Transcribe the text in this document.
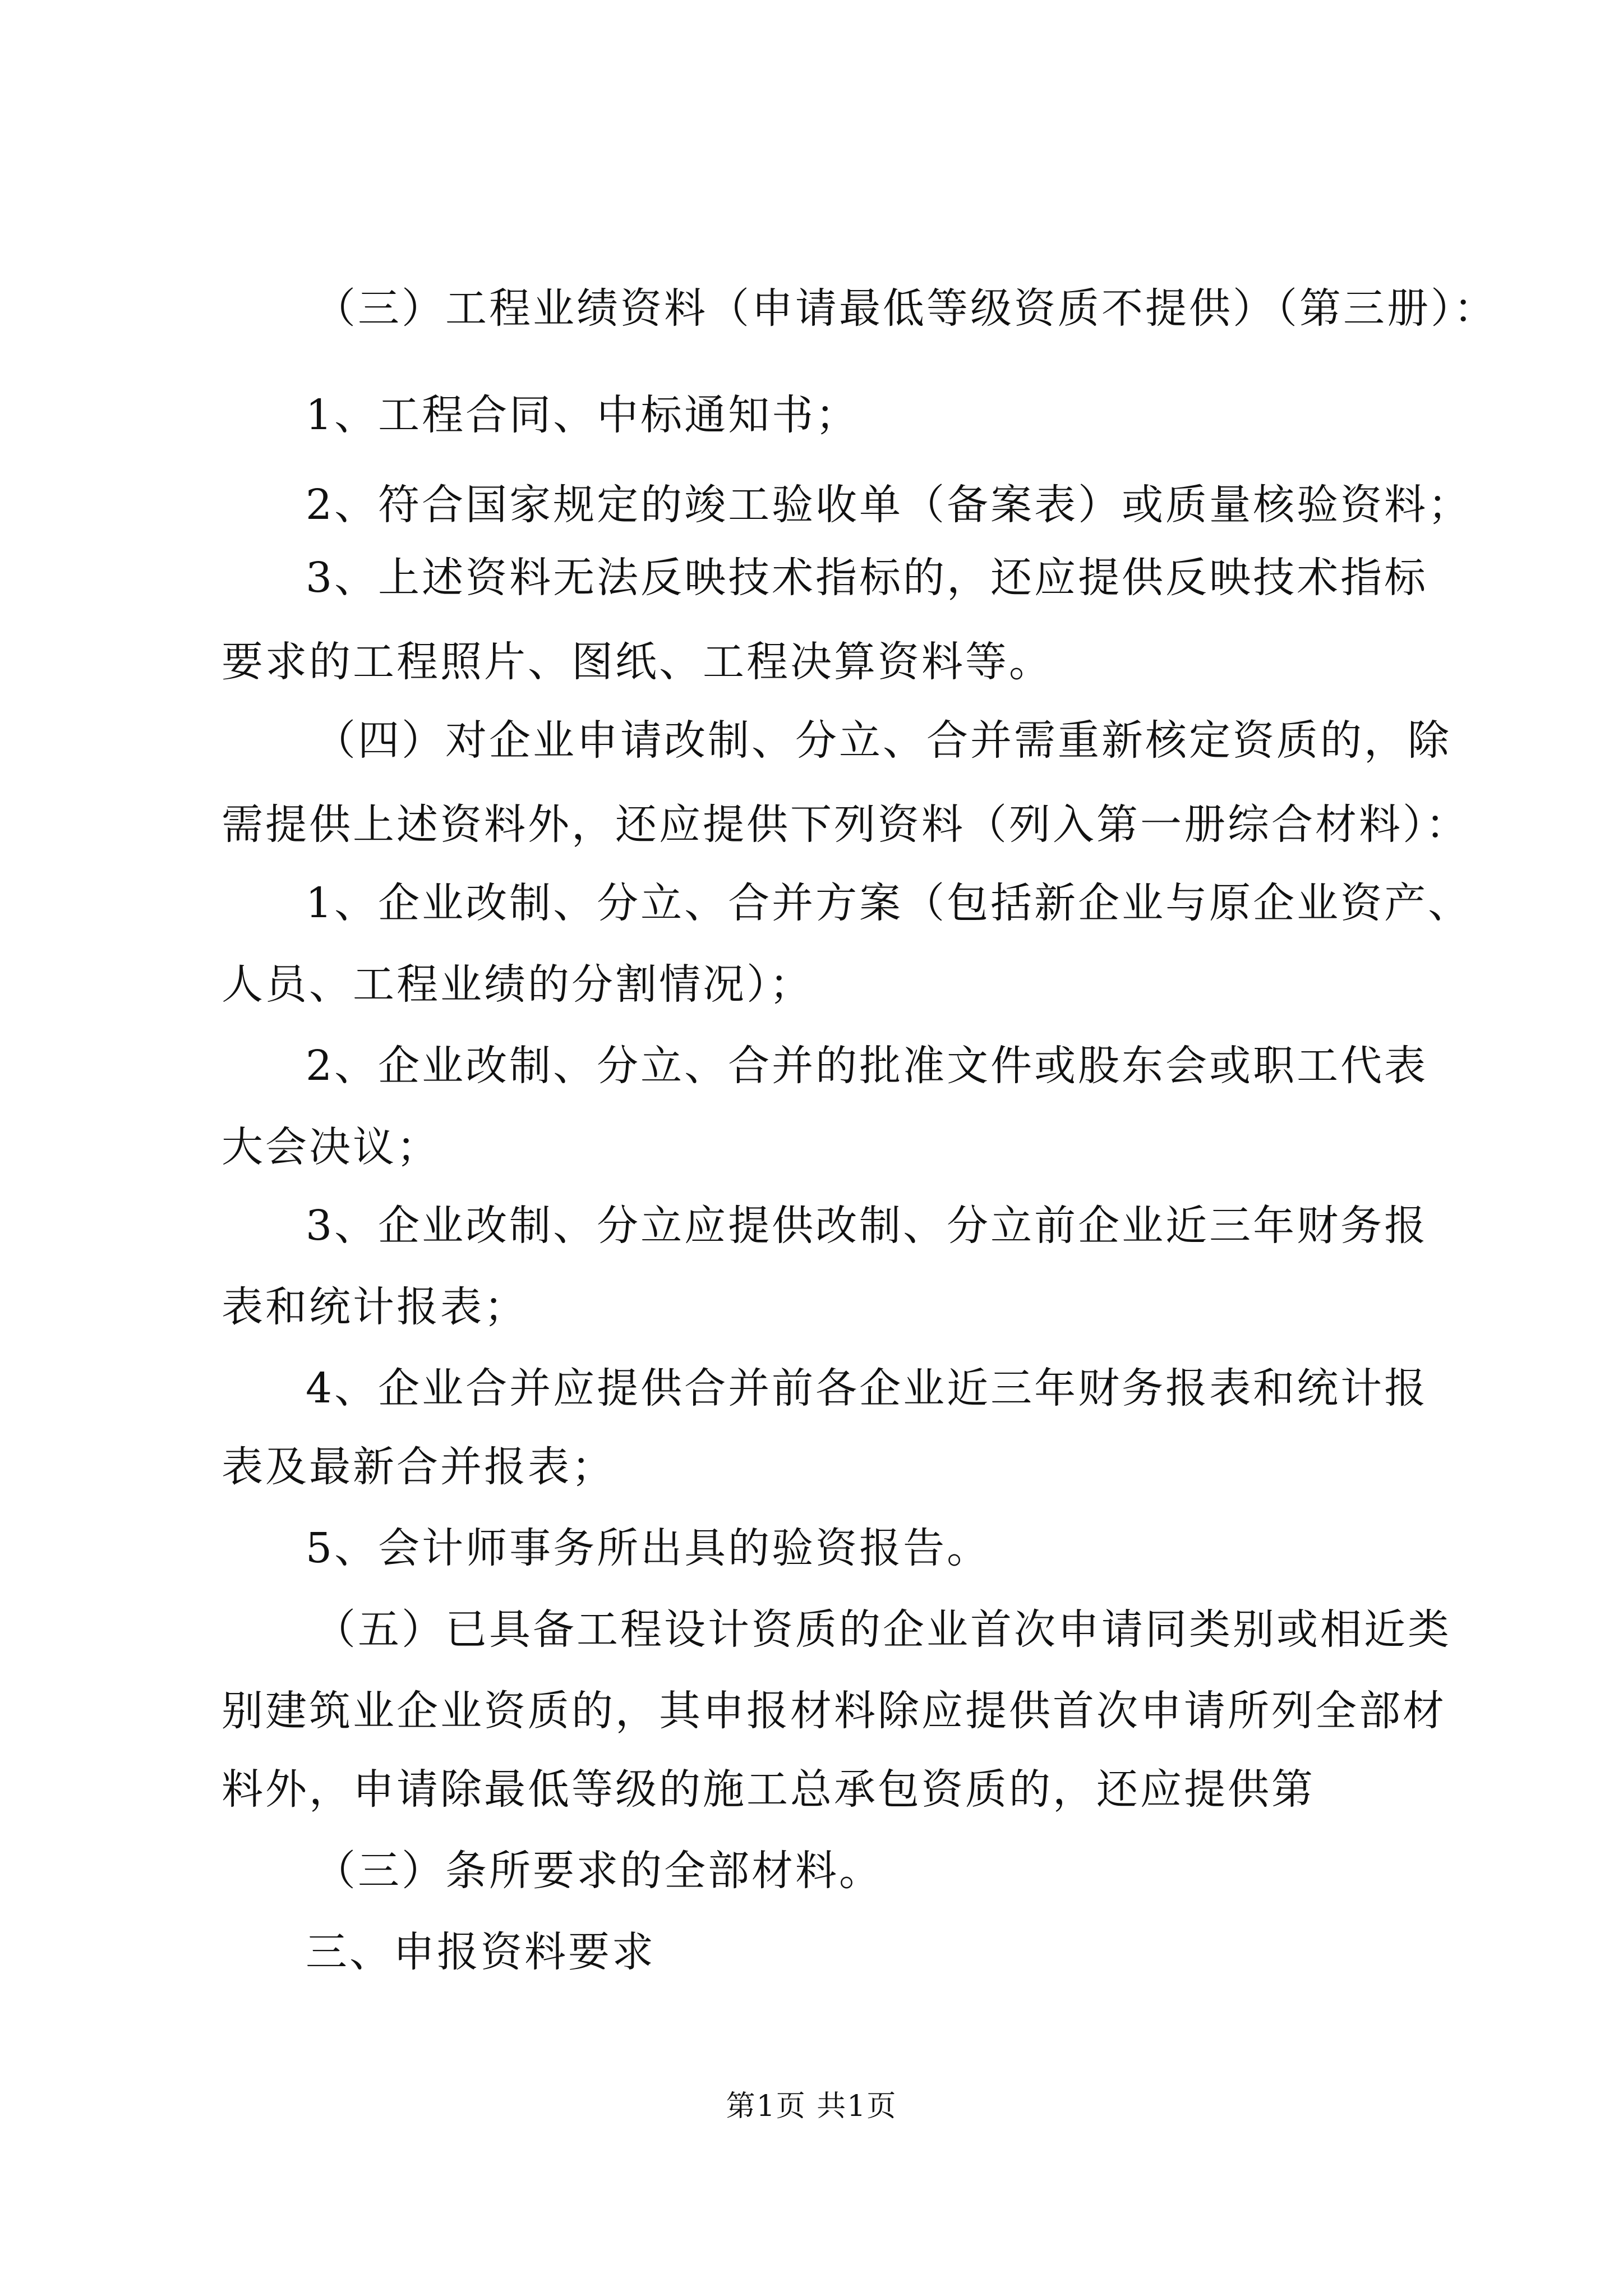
（三）工程业绩资料（申请最低等级资质不提供）（第三册）：
1、工程合同、中标通知书；
2、符合国家规定的竣工验收单（备案表）或质量核验资料；
3、上述资料无法反映技术指标的，还应提供反映技术指标
要求的工程照片、图纸、工程决算资料等。
（四）对企业申请改制、分立、合并需重新核定资质的，除
需提供上述资料外，还应提供下列资料（列入第一册综合材料）：
1、企业改制、分立、合并方案（包括新企业与原企业资产、
人员、工程业绩的分割情况）；
2、企业改制、分立、合并的批准文件或股东会或职工代表
大会决议；
3、企业改制、分立应提供改制、分立前企业近三年财务报
表和统计报表；
4、企业合并应提供合并前各企业近三年财务报表和统计报
表及最新合并报表；
5、会计师事务所出具的验资报告。
（五）已具备工程设计资质的企业首次申请同类别或相近类
别建筑业企业资质的，其申报材料除应提供首次申请所列全部材
料外，申请除最低等级的施工总承包资质的，还应提供第
（三）条所要求的全部材料。
三、申报资料要求
第1页 共1页
